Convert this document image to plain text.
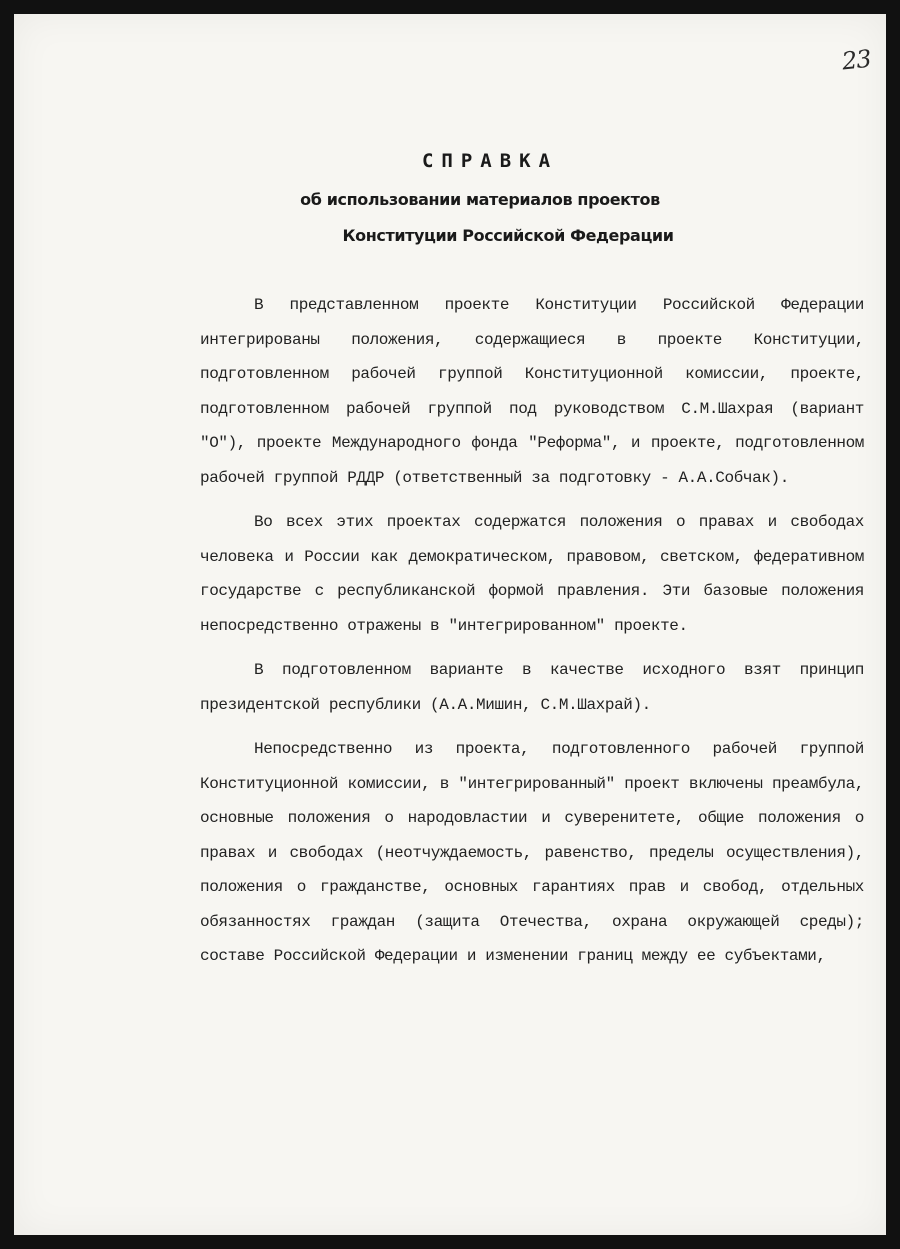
23
СПРАВКА
об использовании материалов проектов
Конституции Российской Федерации

В представленном проекте Конституции Российской Федерации интегрированы положения, содержащиеся в проекте Конституции, подготовленном рабочей группой Конституционной комиссии, проекте, подготовленном рабочей группой под руководством С.М.Шахрая (вариант "О"), проекте Международного фонда "Реформа", и проекте, подготовленном рабочей группой РДДР (ответственный за подготовку - А.А.Собчак).

Во всех этих проектах содержатся положения о правах и свободах человека и России как демократическом, правовом, светском, федеративном государстве с республиканской формой правления. Эти базовые положения непосредственно отражены в "интегрированном" проекте.

В подготовленном варианте в качестве исходного взят принцип президентской республики (А.А.Мишин, С.М.Шахрай).

Непосредственно из проекта, подготовленного рабочей группой Конституционной комиссии, в "интегрированный" проект включены преамбула, основные положения о народовластии и суверенитете, общие положения о правах и свободах (неотчуждаемость, равенство, пределы осуществления), положения о гражданстве, основных гарантиях прав и свобод, отдельных обязанностях граждан (защита Отечества, охрана окружающей среды); составе Российской Федерации и изменении границ между ее субъектами,
